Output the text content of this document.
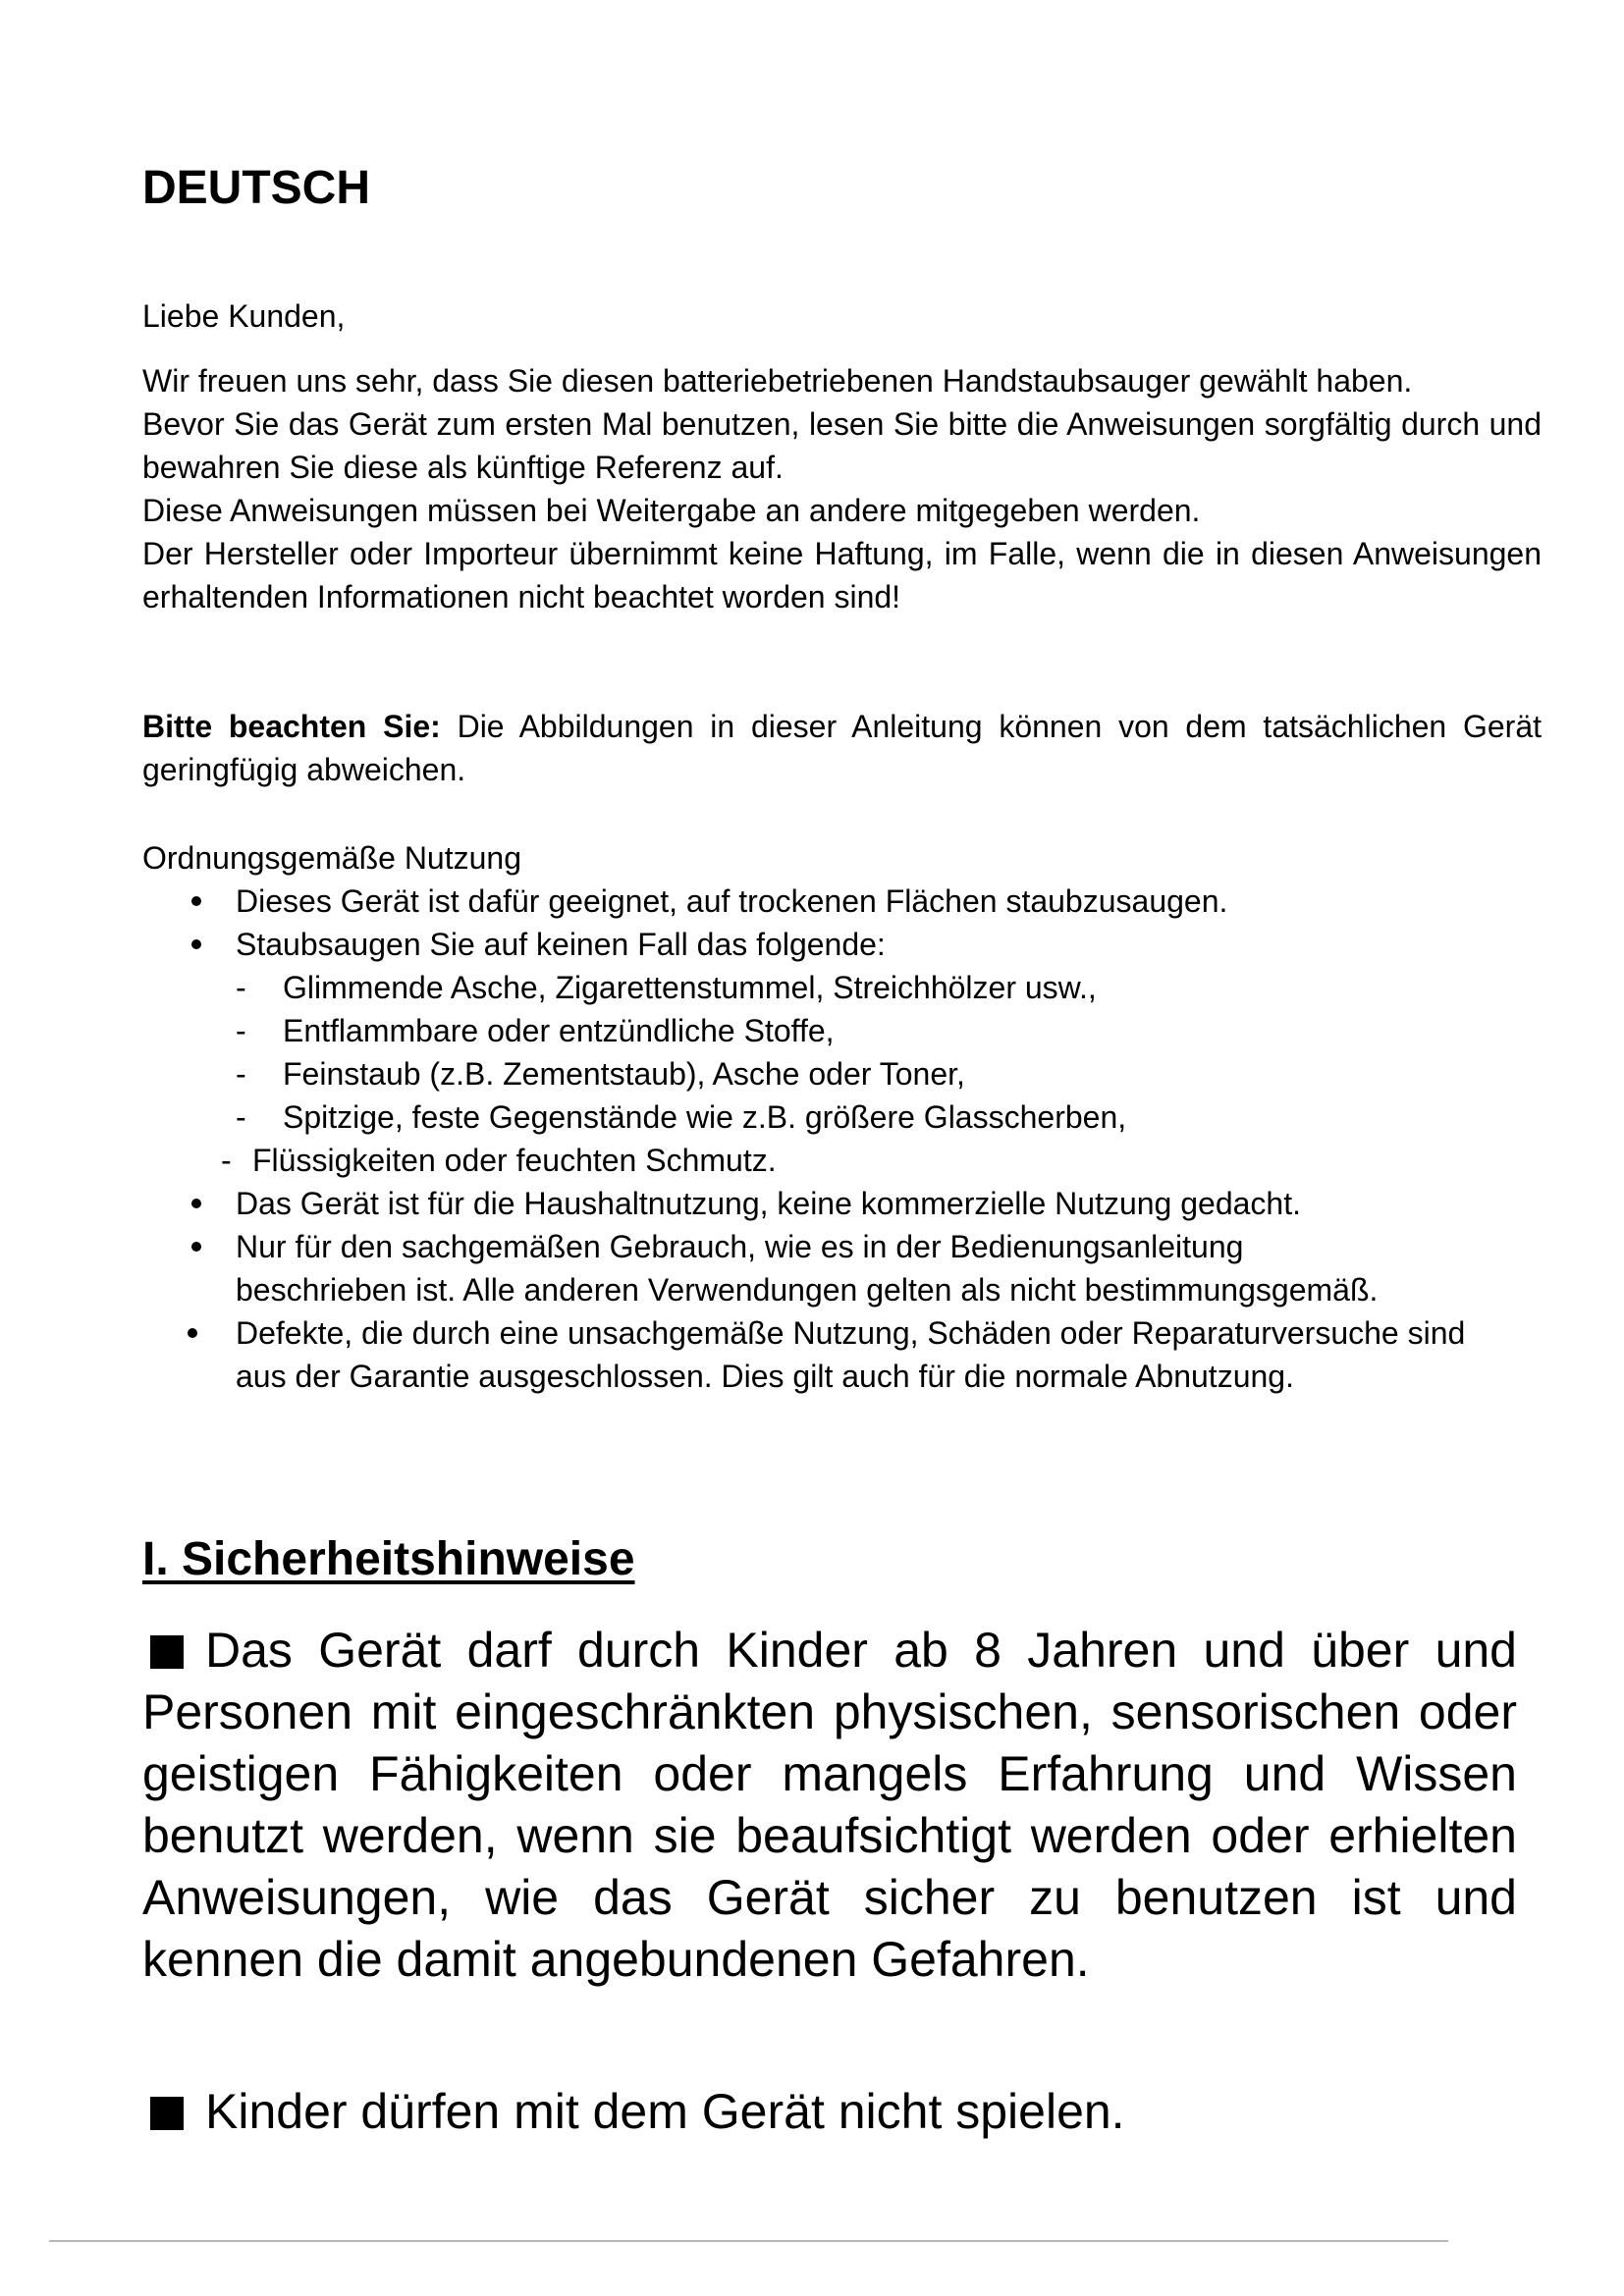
DEUTSCH

Liebe Kunden,

Wir freuen uns sehr, dass Sie diesen batteriebetriebenen Handstaubsauger gewählt haben.
Bevor Sie das Gerät zum ersten Mal benutzen, lesen Sie bitte die Anweisungen sorgfältig durch und bewahren Sie diese als künftige Referenz auf.
Diese Anweisungen müssen bei Weitergabe an andere mitgegeben werden.
Der Hersteller oder Importeur übernimmt keine Haftung, im Falle, wenn die in diesen Anweisungen erhaltenden Informationen nicht beachtet worden sind!

Bitte beachten Sie: Die Abbildungen in dieser Anleitung können von dem tatsächlichen Gerät geringfügig abweichen.

Ordnungsgemäße Nutzung

Dieses Gerät ist dafür geeignet, auf trockenen Flächen staubzusaugen.
Staubsaugen Sie auf keinen Fall das folgende:
- Glimmende Asche, Zigarettenstummel, Streichhölzer usw.,
- Entflammbare oder entzündliche Stoffe,
- Feinstaub (z.B. Zementstaub), Asche oder Toner,
- Spitzige, feste Gegenstände wie z.B. größere Glasscherben,
- Flüssigkeiten oder feuchten Schmutz.
Das Gerät ist für die Haushaltnutzung, keine kommerzielle Nutzung gedacht.
Nur für den sachgemäßen Gebrauch, wie es in der Bedienungsanleitung beschrieben ist. Alle anderen Verwendungen gelten als nicht bestimmungsgemäß.
Defekte, die durch eine unsachgemäße Nutzung, Schäden oder Reparaturversuche sind aus der Garantie ausgeschlossen. Dies gilt auch für die normale Abnutzung.
I. Sicherheitshinweise

Das Gerät darf durch Kinder ab 8 Jahren und über und Personen mit eingeschränkten physischen, sensorischen oder geistigen Fähigkeiten oder mangels Erfahrung und Wissen benutzt werden, wenn sie beaufsichtigt werden oder erhielten Anweisungen, wie das Gerät sicher zu benutzen ist und kennen die damit angebundenen Gefahren.

Kinder dürfen mit dem Gerät nicht spielen.
